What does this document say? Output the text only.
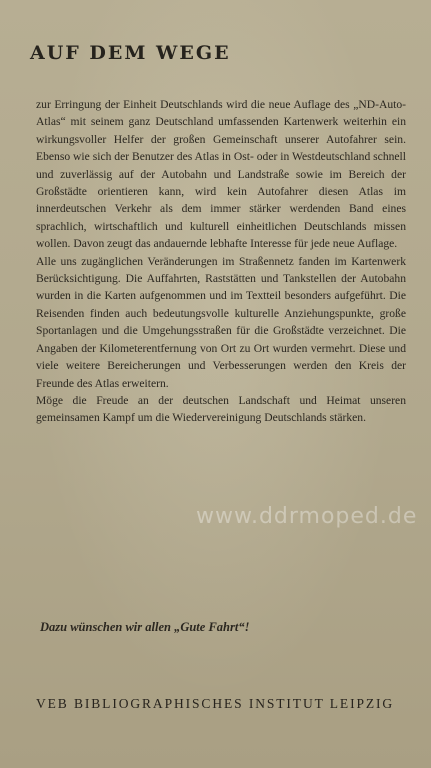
AUF DEM WEGE

zur Erringung der Einheit Deutschlands wird die neue Auflage des „ND-Auto-Atlas“ mit seinem ganz Deutschland umfassenden Kartenwerk weiterhin ein wirkungsvoller Helfer der großen Gemeinschaft unserer Autofahrer sein. Ebenso wie sich der Benutzer des Atlas in Ost- oder in Westdeutschland schnell und zuverlässig auf der Autobahn und Landstraße sowie im Bereich der Großstädte orientieren kann, wird kein Autofahrer diesen Atlas im innerdeutschen Verkehr als dem immer stärker werdenden Band eines sprachlich, wirtschaftlich und kulturell einheitlichen Deutschlands missen wollen. Davon zeugt das andauernde lebhafte Interesse für jede neue Auflage.

Alle uns zugänglichen Veränderungen im Straßennetz fanden im Kartenwerk Berücksichtigung. Die Auffahrten, Raststätten und Tankstellen der Autobahn wurden in die Karten aufgenommen und im Textteil besonders aufgeführt. Die Reisenden finden auch bedeutungsvolle kulturelle Anziehungspunkte, große Sportanlagen und die Umgehungsstraßen für die Großstädte verzeichnet. Die Angaben der Kilometerentfernung von Ort zu Ort wurden vermehrt. Diese und viele weitere Bereicherungen und Verbesserungen werden den Kreis der Freunde des Atlas erweitern.

Möge die Freude an der deutschen Landschaft und Heimat unseren gemeinsamen Kampf um die Wiedervereinigung Deutschlands stärken.

www.ddrmoped.de
Dazu wünschen wir allen „Gute Fahrt“!
VEB BIBLIOGRAPHISCHES INSTITUT LEIPZIG
